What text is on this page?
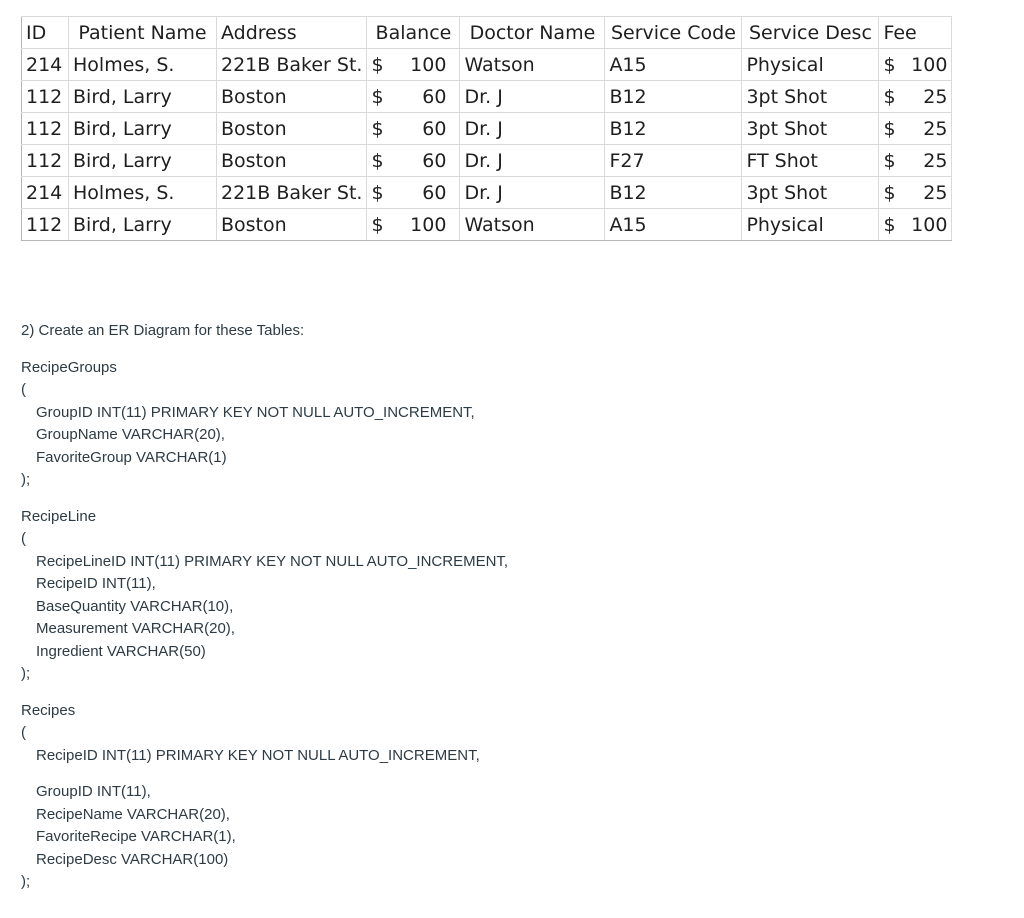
ID	Patient Name	Address	Balance	Doctor Name	Service Code	Service Desc	Fee
214	Holmes, S.	221B Baker St.	$ 100	Watson	A15	Physical	$ 100

112	Bird, Larry	Boston	$ 60	Dr. J	B12	3pt Shot	$ 25

112	Bird, Larry	Boston	$ 60	Dr. J	B12	3pt Shot	$ 25

112	Bird, Larry	Boston	$ 60	Dr. J	F27	FT Shot	$ 25

214	Holmes, S.	221B Baker St.	$ 60	Dr. J	B12	3pt Shot	$ 25

112	Bird, Larry	Boston	$ 100	Watson	A15	Physical	$ 100

2) Create an ER Diagram for these Tables:

RecipeGroups

(

GroupID INT(11) PRIMARY KEY NOT NULL AUTO_INCREMENT,

GroupName VARCHAR(20),

FavoriteGroup VARCHAR(1)

);

RecipeLine

(

RecipeLineID INT(11) PRIMARY KEY NOT NULL AUTO_INCREMENT,

RecipeID INT(11),

BaseQuantity VARCHAR(10),

Measurement VARCHAR(20),

Ingredient VARCHAR(50)

);

Recipes

(

RecipeID INT(11) PRIMARY KEY NOT NULL AUTO_INCREMENT,

GroupID INT(11),

RecipeName VARCHAR(20),

FavoriteRecipe VARCHAR(1),

RecipeDesc VARCHAR(100)

);
